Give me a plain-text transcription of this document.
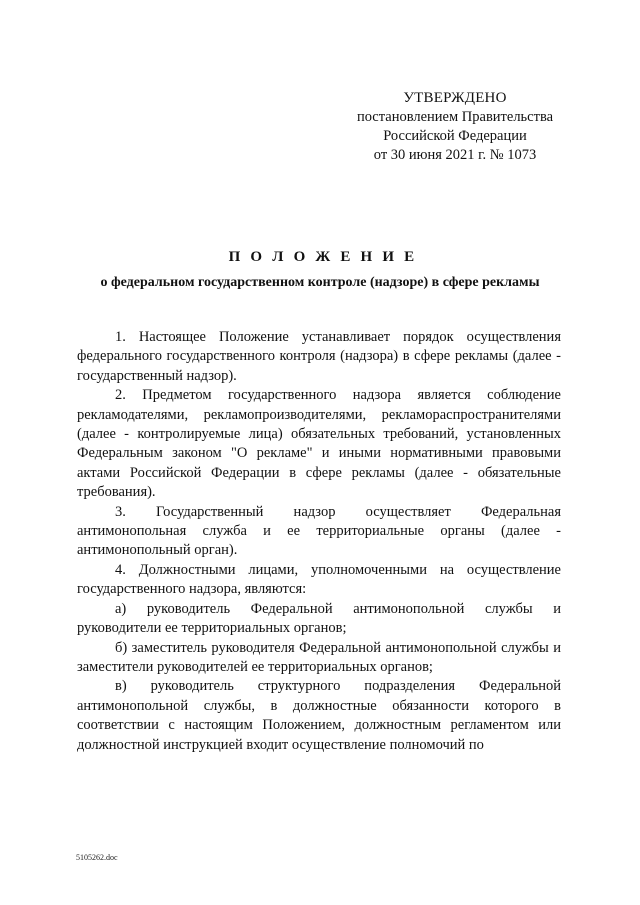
УТВЕРЖДЕНО
постановлением Правительства
Российской Федерации
от 30 июня 2021 г. № 1073
П О Л О Ж Е Н И Е
о федеральном государственном контроле (надзоре) в сфере рекламы

1. Настоящее Положение устанавливает порядок осуществления федерального государственного контроля (надзора) в сфере рекламы (далее - государственный надзор).

2. Предметом государственного надзора является соблюдение рекламодателями, рекламопроизводителями, рекламораспространителями (далее - контролируемые лица) обязательных требований, установленных Федеральным законом "О рекламе" и иными нормативными правовыми актами Российской Федерации в сфере рекламы (далее - обязательные требования).

3. Государственный надзор осуществляет Федеральная антимонопольная служба и ее территориальные органы (далее - антимонопольный орган).

4. Должностными лицами, уполномоченными на осуществление государственного надзора, являются:

а) руководитель Федеральной антимонопольной службы и руководители ее территориальных органов;

б) заместитель руководителя Федеральной антимонопольной службы и заместители руководителей ее территориальных органов;

в) руководитель структурного подразделения Федеральной антимонопольной службы, в должностные обязанности которого в соответствии с настоящим Положением, должностным регламентом или должностной инструкцией входит осуществление полномочий по

5105262.doc
